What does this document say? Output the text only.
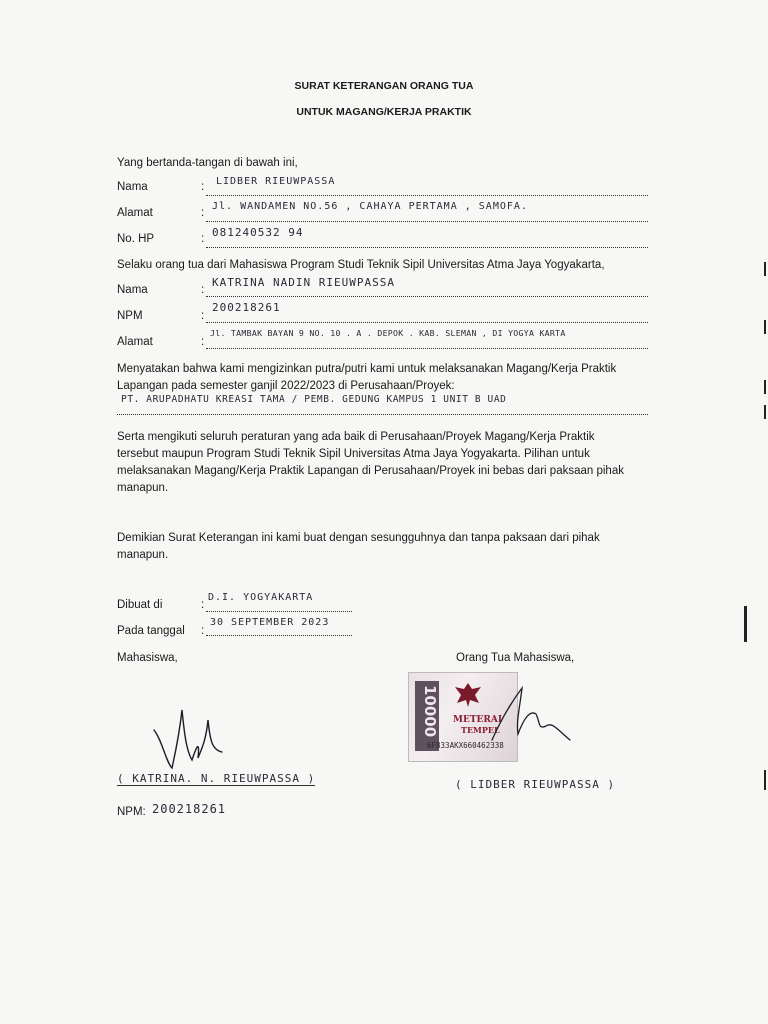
SURAT KETERANGAN ORANG TUA
UNTUK MAGANG/KERJA PRAKTIK
Yang bertanda-tangan di bawah ini,
Nama	: LIDBER RIEUWPASSA
Alamat	:
Jl. WANDAMEN NO.56 , CAHAYA PERTAMA , SAMOFA.
No. HP	: 081240532 94
Selaku orang tua dari Mahasiswa Program Studi Teknik Sipil Universitas Atma Jaya Yogyakarta,
Nama	:
KATRINA NADIN RIEUWPASSA
NPM	:
200218261
Alamat	:
Jl. TAMBAK BAYAN 9 NO. 10 . A . DEPOK . KAB. SLEMAN , DI YOGYA KARTA
Menyatakan bahwa kami mengizinkan putra/putri kami untuk melaksanakan Magang/Kerja Praktik
Lapangan pada semester ganjil 2022/2023 di Perusahaan/Proyek:
PT. ARUPADHATU KREASI TAMA / PEMB. GEDUNG KAMPUS 1 UNIT B UAD
Serta mengikuti seluruh peraturan yang ada baik di Perusahaan/Proyek Magang/Kerja Praktik
tersebut maupun Program Studi Teknik Sipil Universitas Atma Jaya Yogyakarta. Pilihan untuk
melaksanakan Magang/Kerja Praktik Lapangan di Perusahaan/Proyek ini bebas dari paksaan pihak
manapun.
Demikian Surat Keterangan ini kami buat dengan sesungguhnya dan tanpa paksaan dari pihak
manapun.
Dibuat di	:
D.I. YOGYAKARTA
Pada tanggal :
30 SEPTEMBER 2023
Mahasiswa,	Orang Tua Mahasiswa,
10000 METERAI
TEMPEL
6F833AKX660462338
( KATRINA. N. RIEUWPASSA )	( LIDBER RIEUWPASSA )
NPM: 200218261
